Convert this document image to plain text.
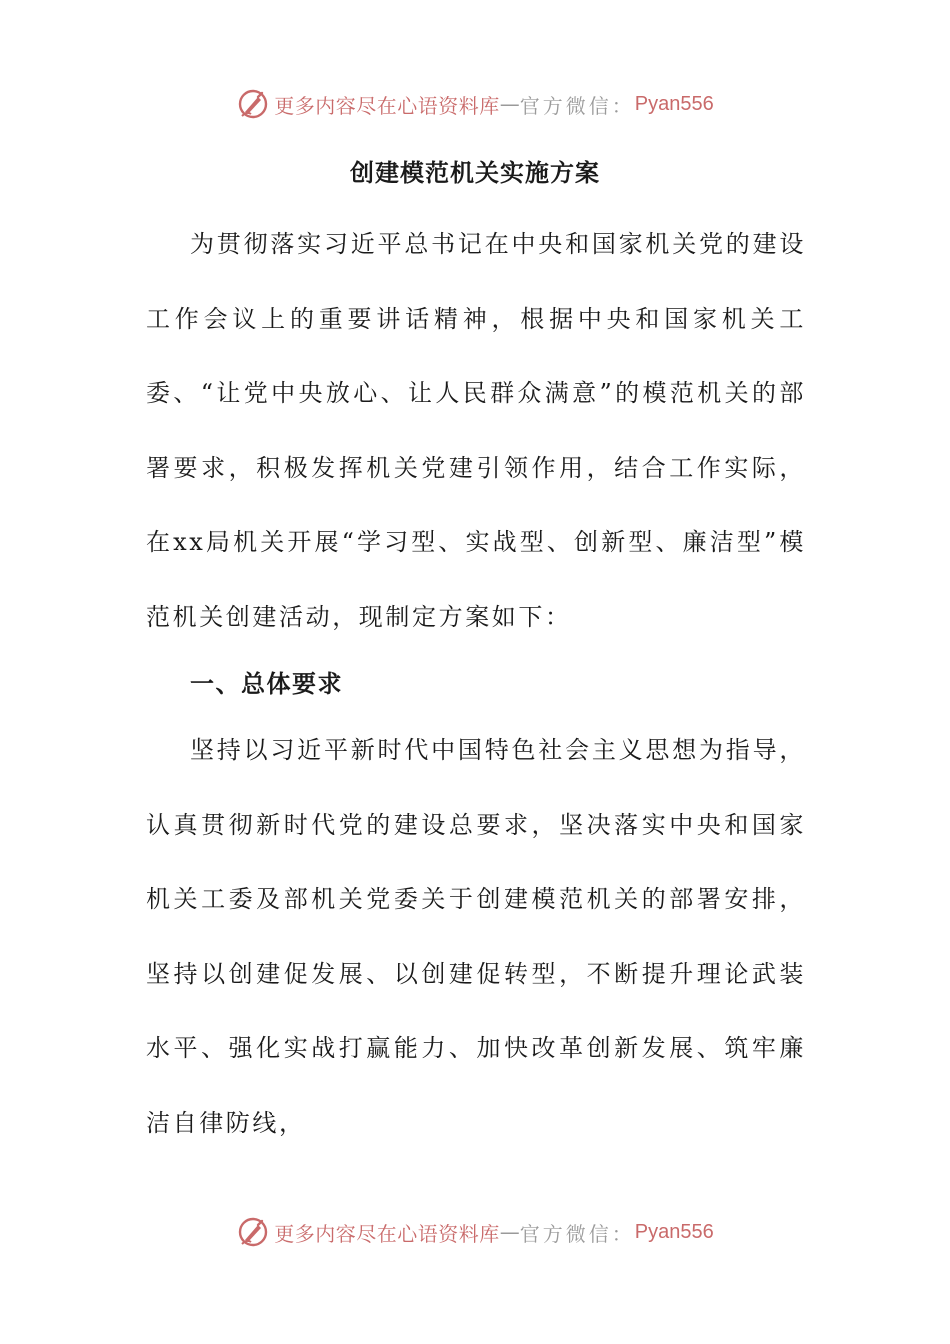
更多内容尽在心语资料库 — 官方微信： Pyan556
创建模范机关实施方案

为贯彻落实习近平总书记在中央和国家机关党的建设工作会议上的重要讲话精神，根据中央和国家机关工委、“让党中央放心、让人民群众满意”的模范机关的部署要求，积极发挥机关党建引领作用，结合工作实际，在xx局机关开展“学习型、实战型、创新型、廉洁型”模范机关创建活动，现制定方案如下：

一、总体要求

坚持以习近平新时代中国特色社会主义思想为指导，认真贯彻新时代党的建设总要求，坚决落实中央和国家机关工委及部机关党委关于创建模范机关的部署安排，坚持以创建促发展、以创建促转型，不断提升理论武装水平、强化实战打赢能力、加快改革创新发展、筑牢廉洁自律防线，

更多内容尽在心语资料库 — 官方微信： Pyan556
